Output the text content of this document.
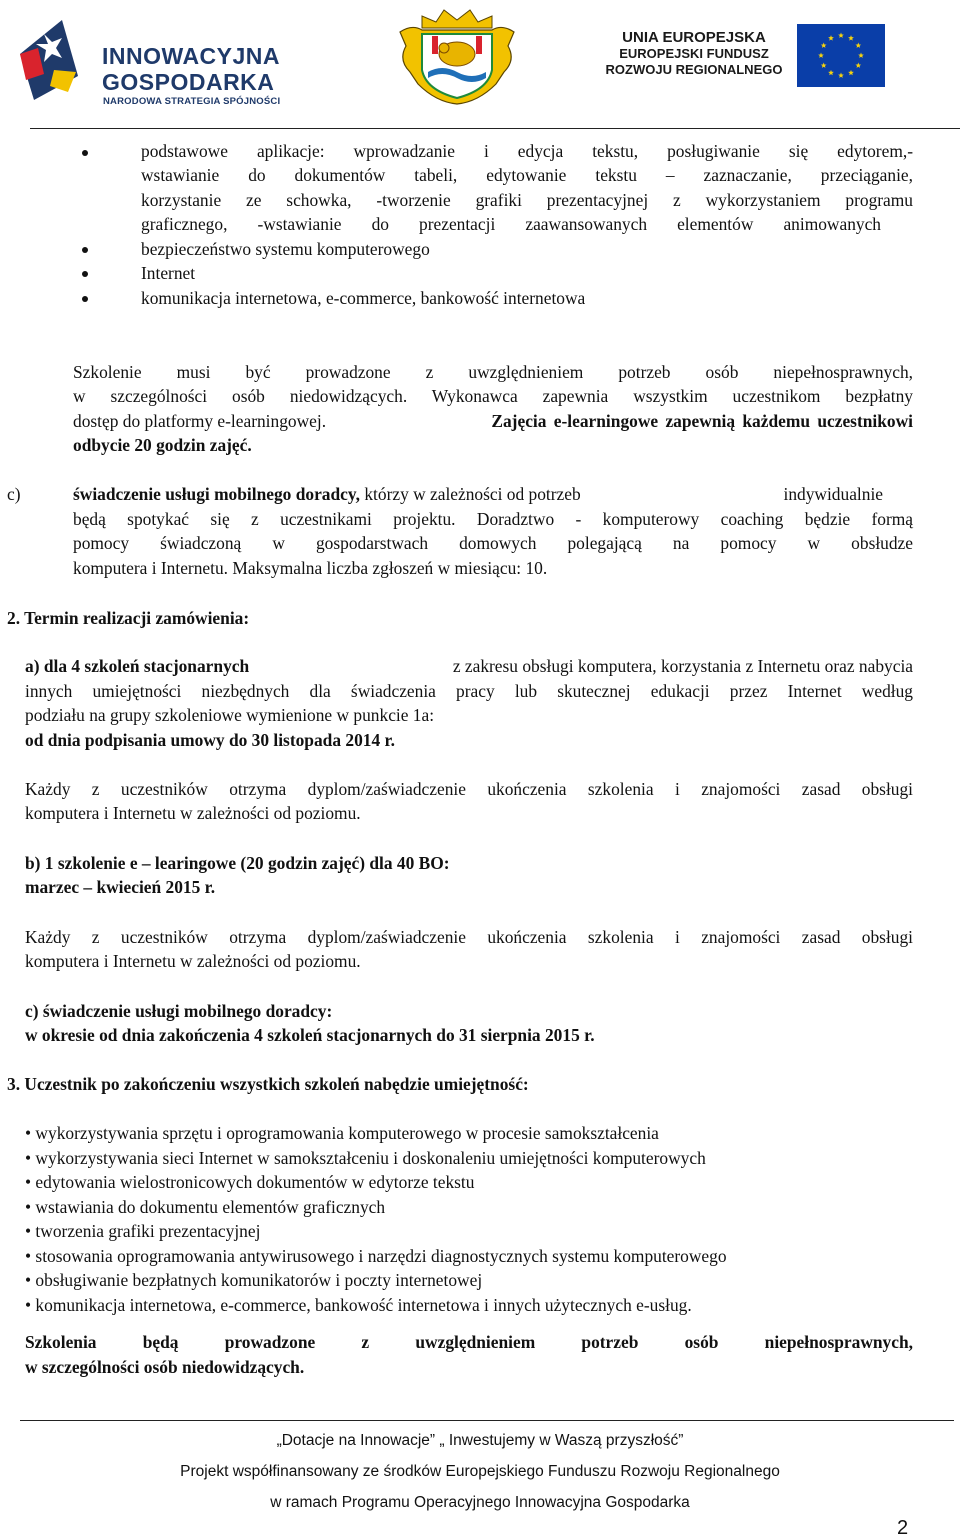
INNOWACYJNA
GOSPODARKA
NARODOWA STRATEGIA SPÓJNOŚCI
UNIA EUROPEJSKA
EUROPEJSKI FUNDUSZ
ROZWOJU REGIONALNEGO
podstawowe aplikacje: wprowadzanie i edycja tekstu, posługiwanie się edytorem,-
wstawianie do dokumentów tabeli, edytowanie tekstu – zaznaczanie, przeciąganie,
korzystanie ze schowka, -tworzenie grafiki prezentacyjnej z wykorzystaniem programu
graficznego, -wstawianie do prezentacji zaawansowanych elementów animowanych
bezpieczeństwo systemu komputerowego
Internet
komunikacja internetowa, e-commerce, bankowość internetowa
Szkolenie musi być prowadzone z uwzględnieniem potrzeb osób niepełnosprawnych,
w szczególności osób niedowidzących. Wykonawca zapewnia wszystkim uczestnikom bezpłatny
dostęp do platformy e-learningowej.	Zajęcia e-learningowe zapewnią każdemu uczestnikowi
odbycie 20 godzin zajęć.
c)	świadczenie usługi mobilnego doradcy, którzy w zależności od potrzeb	indywidualnie
będą spotykać się z uczestnikami projektu. Doradztwo - komputerowy coaching będzie formą
pomocy świadczoną w gospodarstwach domowych polegającą na pomocy w obsłudze
komputera i Internetu. Maksymalna liczba zgłoszeń w miesiącu: 10.
2. Termin realizacji zamówienia:
a) dla 4 szkoleń stacjonarnych	z zakresu obsługi komputera, korzystania z Internetu oraz nabycia
innych umiejętności niezbędnych dla świadczenia pracy lub skutecznej edukacji przez Internet według
podziału na grupy szkoleniowe wymienione w punkcie 1a:
od dnia podpisania umowy do 30 listopada 2014 r.
Każdy z uczestników otrzyma dyplom/zaświadczenie ukończenia szkolenia i znajomości zasad obsługi
komputera i Internetu w zależności od poziomu.
b) 1 szkolenie e – learingowe (20 godzin zajęć) dla 40 BO:
marzec – kwiecień 2015 r.
Każdy z uczestników otrzyma dyplom/zaświadczenie ukończenia szkolenia i znajomości zasad obsługi
komputera i Internetu w zależności od poziomu.
c) świadczenie usługi mobilnego doradcy:
w okresie od dnia zakończenia 4 szkoleń stacjonarnych do 31 sierpnia 2015 r.
3. Uczestnik po zakończeniu wszystkich szkoleń nabędzie umiejętność:
• wykorzystywania sprzętu i oprogramowania komputerowego w procesie samokształcenia
• wykorzystywania sieci Internet w samokształceniu i doskonaleniu umiejętności komputerowych
• edytowania wielostronicowych dokumentów w edytorze tekstu
• wstawiania do dokumentu elementów graficznych
• tworzenia grafiki prezentacyjnej
• stosowania oprogramowania antywirusowego i narzędzi diagnostycznych systemu komputerowego
• obsługiwanie bezpłatnych komunikatorów i poczty internetowej
• komunikacja internetowa, e-commerce, bankowość internetowa i innych użytecznych e-usług.
Szkolenia będą prowadzone z uwzględnieniem potrzeb osób niepełnosprawnych,
w szczególności osób niedowidzących.
„Dotacje na Innowacje” „ Inwestujemy w Waszą przyszłość”
Projekt współfinansowany ze środków Europejskiego Funduszu Rozwoju Regionalnego
w ramach Programu Operacyjnego Innowacyjna Gospodarka
2
